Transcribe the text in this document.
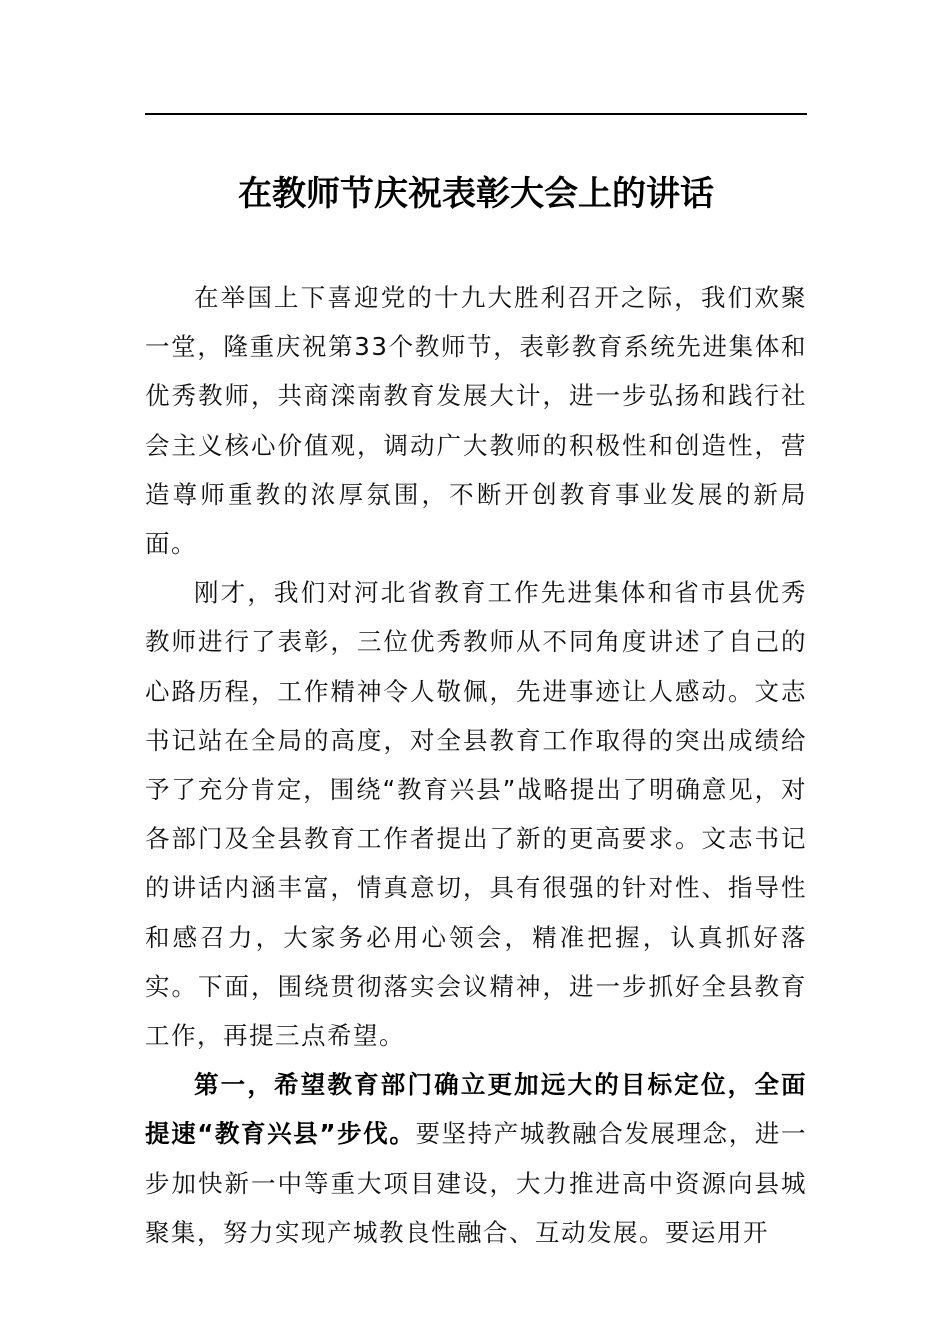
在教师节庆祝表彰大会上的讲话

在举国上下喜迎党的十九大胜利召开之际，我们欢聚一堂，隆重庆祝第33个教师节，表彰教育系统先进集体和优秀教师，共商滦南教育发展大计，进一步弘扬和践行社会主义核心价值观，调动广大教师的积极性和创造性，营造尊师重教的浓厚氛围，不断开创教育事业发展的新局面。

刚才，我们对河北省教育工作先进集体和省市县优秀教师进行了表彰，三位优秀教师从不同角度讲述了自己的心路历程，工作精神令人敬佩，先进事迹让人感动。文志书记站在全局的高度，对全县教育工作取得的突出成绩给予了充分肯定，围绕“教育兴县”战略提出了明确意见，对各部门及全县教育工作者提出了新的更高要求。文志书记的讲话内涵丰富，情真意切，具有很强的针对性、指导性和感召力，大家务必用心领会，精准把握，认真抓好落实。下面，围绕贯彻落实会议精神，进一步抓好全县教育工作，再提三点希望。

第一，希望教育部门确立更加远大的目标定位，全面提速“教育兴县”步伐。要坚持产城教融合发展理念，进一步加快新一中等重大项目建设，大力推进高中资源向县城聚集，努力实现产城教良性融合、互动发展。要运用开
